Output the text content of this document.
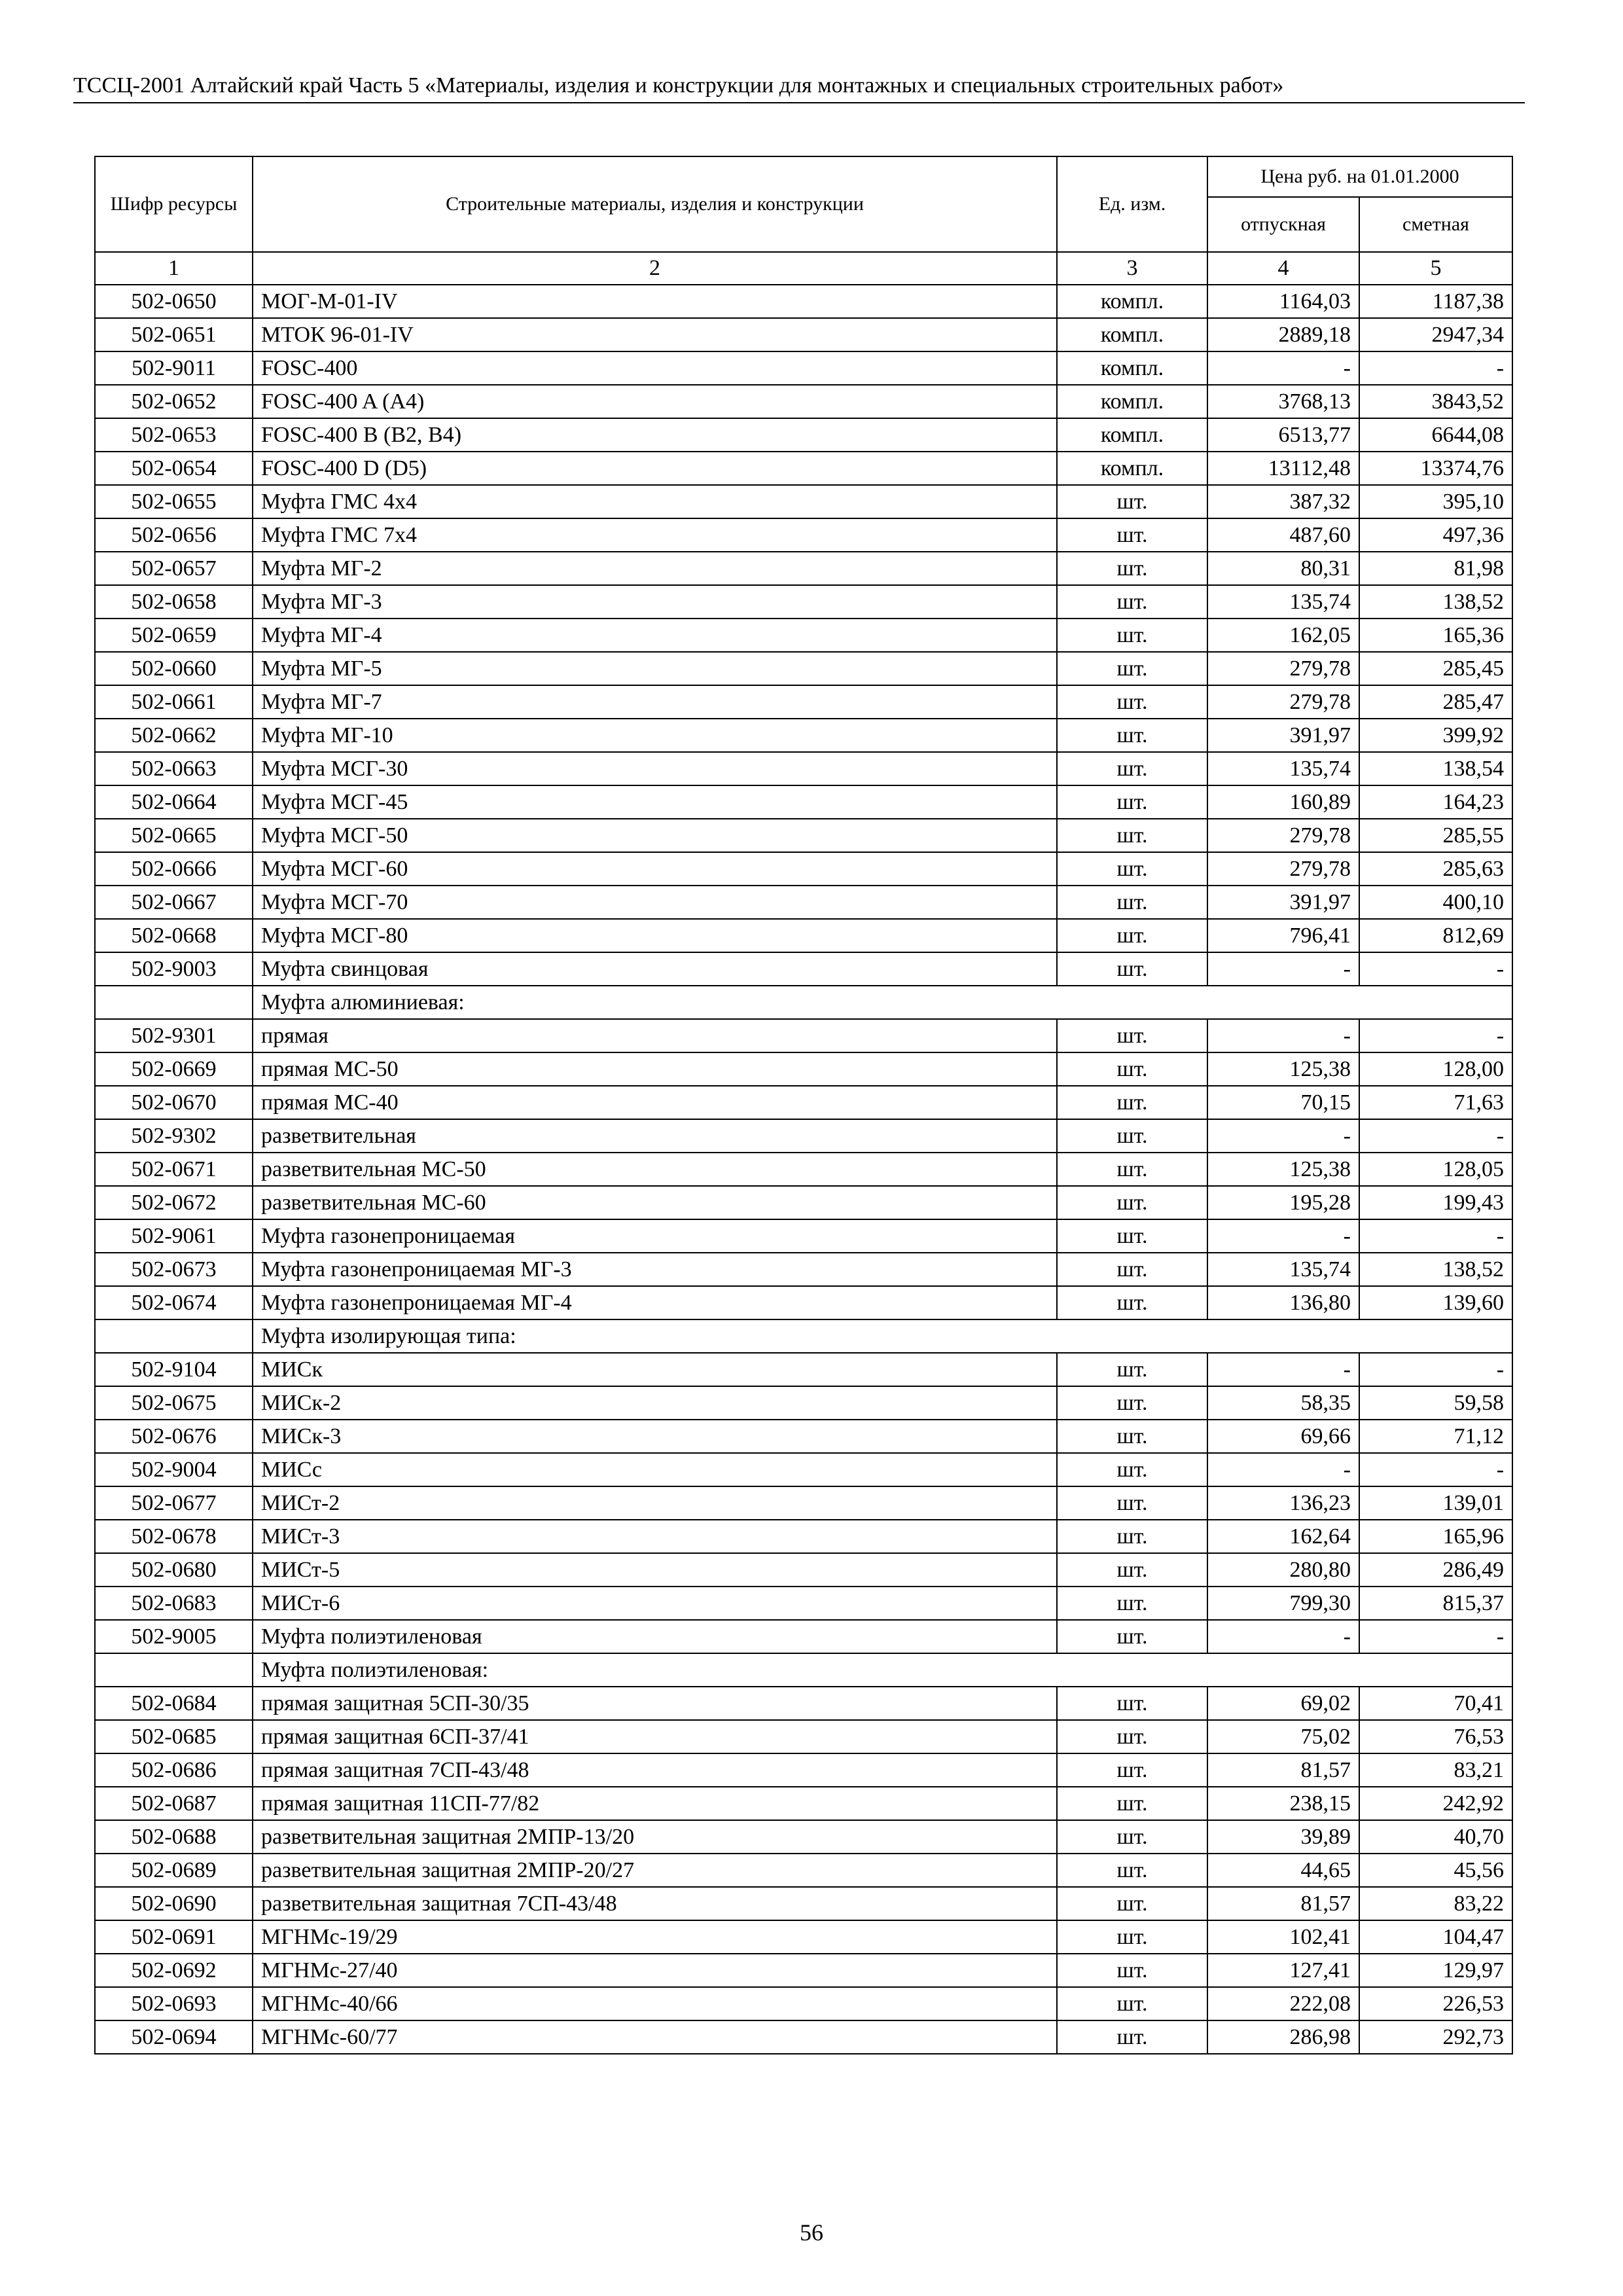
ТССЦ-2001 Алтайский край Часть 5 «Материалы, изделия и конструкции для монтажных и специальных строительных работ»
Шифр ресурсы	Строительные материалы, изделия и конструкции	Ед. изм.	Цена руб. на 01.01.2000	
			отпускная	сметная
1	2	3	4	5
502-0650	МОГ-М-01-IV	компл.	1164,03	1187,38
502-0651	МТОК 96-01-IV	компл.	2889,18	2947,34
502-9011	FOSC-400	компл.	-	-
502-0652	FOSC-400 A (A4)	компл.	3768,13	3843,52
502-0653	FOSC-400 B (B2, B4)	компл.	6513,77	6644,08
502-0654	FOSC-400 D (D5)	компл.	13112,48	13374,76
502-0655	Муфта ГМС 4х4	шт.	387,32	395,10
502-0656	Муфта ГМС 7х4	шт.	487,60	497,36
502-0657	Муфта МГ-2	шт.	80,31	81,98
502-0658	Муфта МГ-3	шт.	135,74	138,52
502-0659	Муфта МГ-4	шт.	162,05	165,36
502-0660	Муфта МГ-5	шт.	279,78	285,45
502-0661	Муфта МГ-7	шт.	279,78	285,47
502-0662	Муфта МГ-10	шт.	391,97	399,92
502-0663	Муфта МСГ-30	шт.	135,74	138,54
502-0664	Муфта МСГ-45	шт.	160,89	164,23
502-0665	Муфта МСГ-50	шт.	279,78	285,55
502-0666	Муфта МСГ-60	шт.	279,78	285,63
502-0667	Муфта МСГ-70	шт.	391,97	400,10
502-0668	Муфта МСГ-80	шт.	796,41	812,69
502-9003	Муфта свинцовая	шт.	-	-
	Муфта алюминиевая:			
502-9301	прямая	шт.	-	-
502-0669	прямая МС-50	шт.	125,38	128,00
502-0670	прямая МС-40	шт.	70,15	71,63
502-9302	разветвительная	шт.	-	-
502-0671	разветвительная МС-50	шт.	125,38	128,05
502-0672	разветвительная МС-60	шт.	195,28	199,43
502-9061	Муфта газонепроницаемая	шт.	-	-
502-0673	Муфта газонепроницаемая МГ-3	шт.	135,74	138,52
502-0674	Муфта газонепроницаемая МГ-4	шт.	136,80	139,60
	Муфта изолирующая типа:			
502-9104	МИСк	шт.	-	-
502-0675	МИСк-2	шт.	58,35	59,58
502-0676	МИСк-3	шт.	69,66	71,12
502-9004	МИСс	шт.	-	-
502-0677	МИСт-2	шт.	136,23	139,01
502-0678	МИСт-3	шт.	162,64	165,96
502-0680	МИСт-5	шт.	280,80	286,49
502-0683	МИСт-6	шт.	799,30	815,37
502-9005	Муфта полиэтиленовая	шт.	-	-
	Муфта полиэтиленовая:			
502-0684	прямая защитная 5СП-30/35	шт.	69,02	70,41
502-0685	прямая защитная 6СП-37/41	шт.	75,02	76,53
502-0686	прямая защитная 7СП-43/48	шт.	81,57	83,21
502-0687	прямая защитная 11СП-77/82	шт.	238,15	242,92
502-0688	разветвительная защитная 2МПР-13/20	шт.	39,89	40,70
502-0689	разветвительная защитная 2МПР-20/27	шт.	44,65	45,56
502-0690	разветвительная защитная 7СП-43/48	шт.	81,57	83,22
502-0691	МГНМс-19/29	шт.	102,41	104,47
502-0692	МГНМс-27/40	шт.	127,41	129,97
502-0693	МГНМс-40/66	шт.	222,08	226,53
502-0694	МГНМс-60/77	шт.	286,98	292,73
56
